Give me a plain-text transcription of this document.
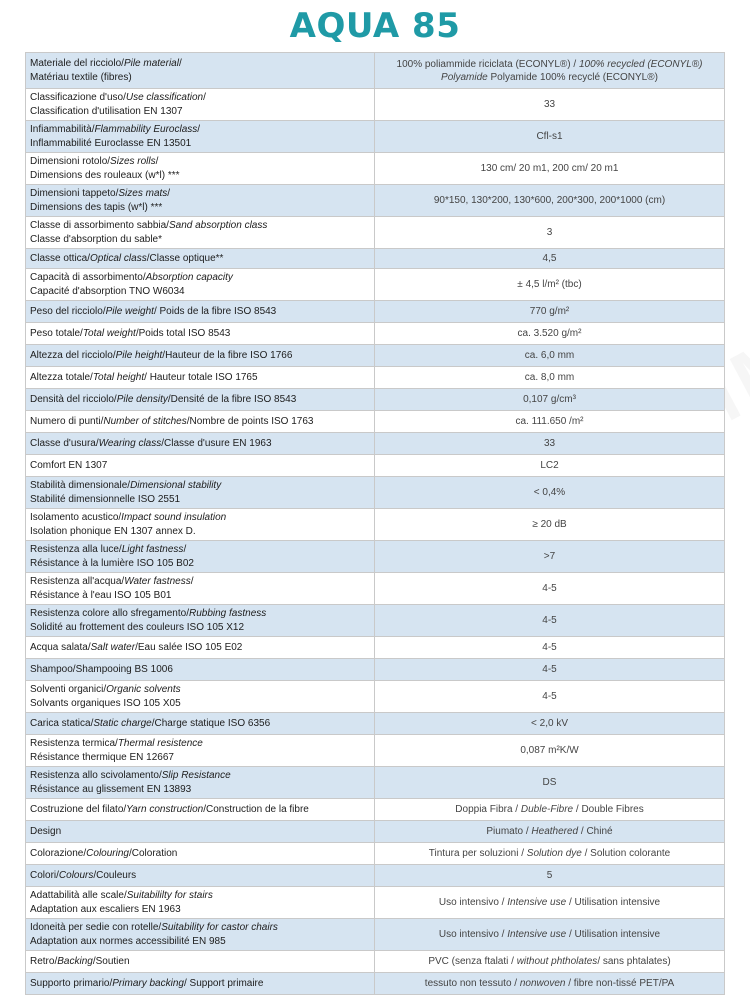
AQUA 85
Materiale del ricciolo/Pile material/
Matériau textile (fibres)	100% poliammide riciclata (ECONYL®) / 100% recycled (ECONYL®) Polyamide Polyamide 100% recyclé (ECONYL®)
Classificazione d'uso/Use classification/
Classification d'utilisation EN 1307	33
Infiammabilità/Flammability Euroclass/
Inflammabilité Euroclasse EN 13501	Cfl-s1
Dimensioni rotolo/Sizes rolls/
Dimensions des rouleaux (w*l) ***	130 cm/ 20 m1, 200 cm/ 20 m1
Dimensioni tappeto/Sizes mats/
Dimensions des tapis (w*l) ***	90*150, 130*200, 130*600, 200*300, 200*1000 (cm)
Classe di assorbimento sabbia/Sand absorption class
Classe d'absorption du sable*	3
Classe ottica/Optical class/Classe optique**	4,5
Capacità di assorbimento/Absorption capacity
Capacité d'absorption TNO W6034	± 4,5 l/m² (tbc)
Peso del ricciolo/Pile weight/ Poids de la fibre ISO 8543	770 g/m²
Peso totale/Total weight/Poids total ISO 8543	ca. 3.520 g/m²
Altezza del ricciolo/Pile height/Hauteur de la fibre ISO 1766	ca. 6,0 mm
Altezza totale/Total height/ Hauteur totale ISO 1765	ca. 8,0 mm
Densità del ricciolo/Pile density/Densité de la fibre ISO 8543	0,107 g/cm³
Numero di punti/Number of stitches/Nombre de points ISO 1763	ca. 111.650 /m²
Classe d'usura/Wearing class/Classe d'usure EN 1963	33
Comfort EN 1307	LC2
Stabilità dimensionale/Dimensional stability
Stabilité dimensionnelle ISO 2551	< 0,4%
Isolamento acustico/Impact sound insulation
Isolation phonique EN 1307 annex D.	≥ 20 dB
Resistenza alla luce/Light fastness/
Résistance à la lumière ISO 105 B02	>7
Resistenza all'acqua/Water fastness/
Résistance à l'eau ISO 105 B01	4-5
Resistenza colore allo sfregamento/Rubbing fastness
Solidité au frottement des couleurs ISO 105 X12	4-5
Acqua salata/Salt water/Eau salée ISO 105 E02	4-5
Shampoo/Shampooing BS 1006	4-5
Solventi organici/Organic solvents
Solvants organiques ISO 105 X05	4-5
Carica statica/Static charge/Charge statique ISO 6356	< 2,0 kV
Resistenza termica/Thermal resistence
Résistance thermique EN 12667	0,087 m²K/W
Resistenza allo scivolamento/Slip Resistance
Résistance au glissement EN 13893	DS
Costruzione del filato/Yarn construction/Construction de la fibre	Doppia Fibra / Duble-Fibre / Double Fibres
Design	Piumato / Heathered / Chiné
Colorazione/Colouring/Coloration	Tintura per soluzioni / Solution dye / Solution colorante
Colori/Colours/Couleurs	5
Adattabilità alle scale/Suitabililty for stairs
Adaptation aux escaliers EN 1963	Uso intensivo / Intensive use / Utilisation intensive
Idoneità per sedie con rotelle/Suitability for castor chairs
Adaptation aux normes accessibilité EN 985	Uso intensivo / Intensive use / Utilisation intensive
Retro/Backing/Soutien	PVC (senza ftalati / without phtholates/ sans phtalates)
Supporto primario/Primary backing/ Support primaire	tessuto non tessuto / nonwoven / fibre non-tissé PET/PA
